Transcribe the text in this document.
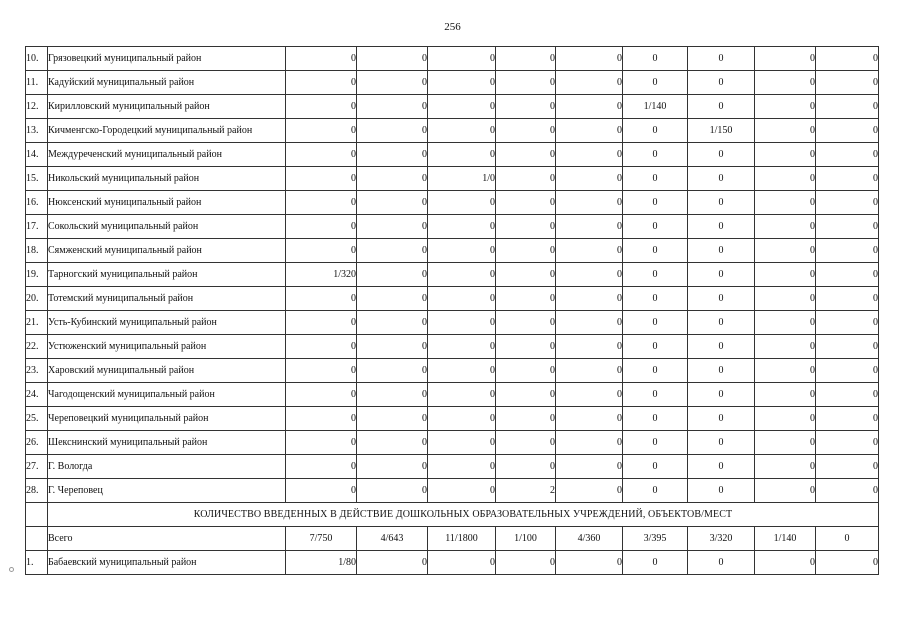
256
10.	Грязовецкий муниципальный район	0	0	0	0	0	0	0	0	0
11.	Кадуйский муниципальный район	0	0	0	0	0	0	0	0	0
12.	Кирилловский муниципальный район	0	0	0	0	0	1/140	0	0	0
13.	Кичменгско-Городецкий муниципальный район	0	0	0	0	0	0	1/150	0	0
14.	Междуреченский муниципальный район	0	0	0	0	0	0	0	0	0
15.	Никольский муниципальный район	0	0	1/0	0	0	0	0	0	0
16.	Нюксенский муниципальный район	0	0	0	0	0	0	0	0	0
17.	Сокольский муниципальный район	0	0	0	0	0	0	0	0	0
18.	Сямженский муниципальный район	0	0	0	0	0	0	0	0	0
19.	Тарногский муниципальный район	1/320	0	0	0	0	0	0	0	0
20.	Тотемский муниципальный район	0	0	0	0	0	0	0	0	0
21.	Усть-Кубинский муниципальный район	0	0	0	0	0	0	0	0	0
22.	Устюженский муниципальный район	0	0	0	0	0	0	0	0	0
23.	Харовский муниципальный район	0	0	0	0	0	0	0	0	0
24.	Чагодощенский муниципальный район	0	0	0	0	0	0	0	0	0
25.	Череповецкий муниципальный район	0	0	0	0	0	0	0	0	0
26.	Шекснинский муниципальный район	0	0	0	0	0	0	0	0	0
27.	Г. Вологда	0	0	0	0	0	0	0	0	0
28.	Г. Череповец	0	0	0	2	0	0	0	0	0
	КОЛИЧЕСТВО ВВЕДЕННЫХ В ДЕЙСТВИЕ ДОШКОЛЬНЫХ ОБРАЗОВАТЕЛЬНЫХ УЧРЕЖДЕНИЙ, ОБЪЕКТОВ/МЕСТ									
	Всего	7/750	4/643	11/1800	1/100	4/360	3/395	3/320	1/140	0
1.	Бабаевский муниципальный район	1/80	0	0	0	0	0	0	0	0
